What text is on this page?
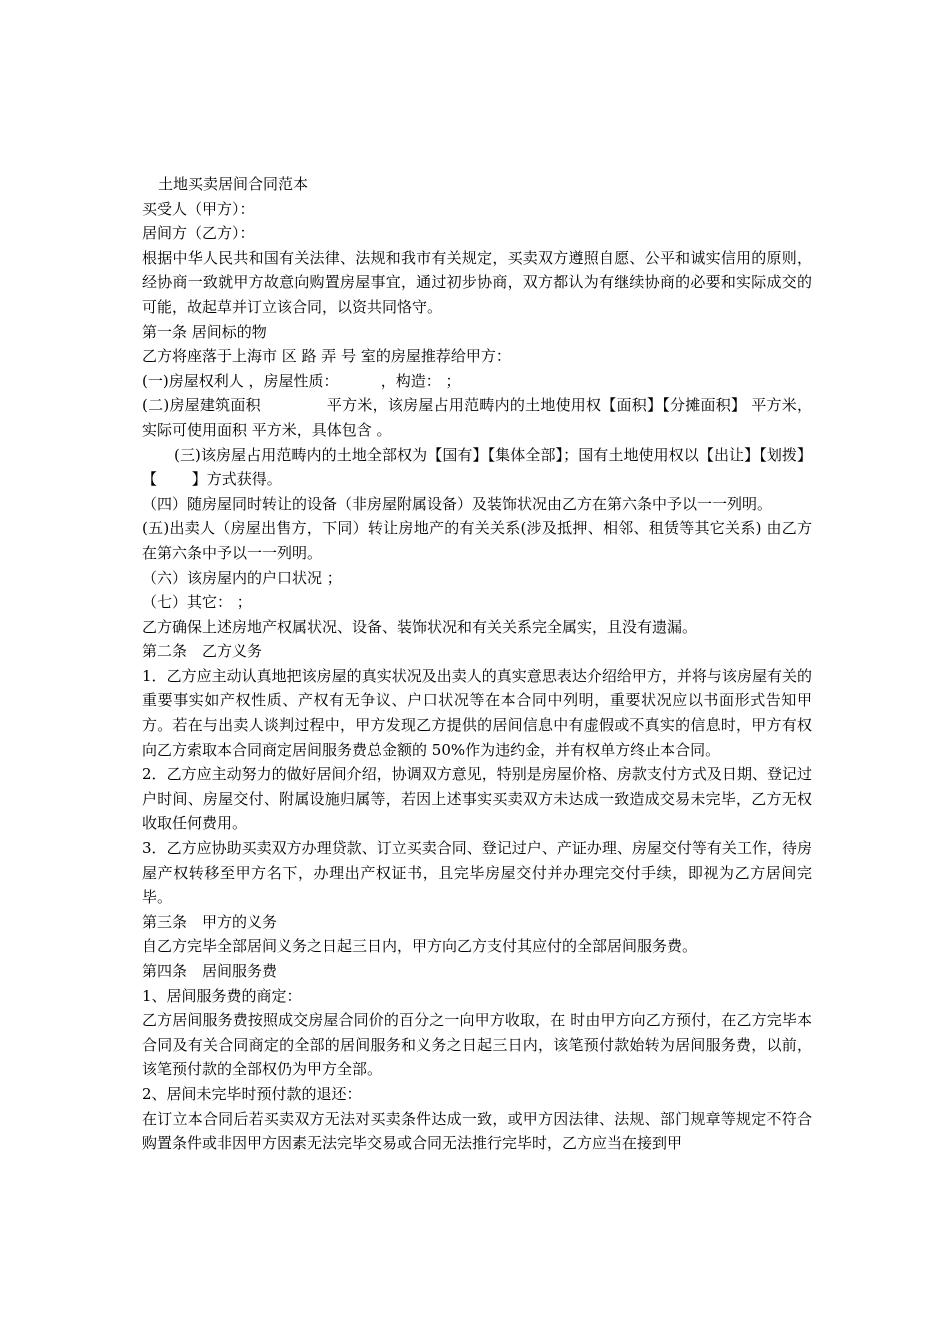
土地买卖居间合同范本

买受人（甲方）：

居间方（乙方）：

根据中华人民共和国有关法律、法规和我市有关规定，买卖双方遵照自愿、公平和诚实信用的原则，经协商一致就甲方故意向购置房屋事宜，通过初步协商，双方都认为有继续协商的必要和实际成交的可能，故起草并订立该合同，以资共同恪守。

第一条 居间标的物

乙方将座落于上海市 区 路 弄 号 室的房屋推荐给甲方：

(一)房屋权利人 ，房屋性质：　　　 ，构造： ；

(二)房屋建筑面积　　　　 平方米，该房屋占用范畴内的土地使用权【面积】【分摊面积】 平方米，实际可使用面积 平方米，具体包含 。

(三)该房屋占用范畴内的土地全部权为【国有】【集体全部】；国有土地使用权以【出让】【划拨】【　　 】方式获得。

（四）随房屋同时转让的设备（非房屋附属设备）及装饰状况由乙方在第六条中予以一一列明。

(五)出卖人（房屋出售方，下同）转让房地产的有关关系(涉及抵押、相邻、租赁等其它关系) 由乙方在第六条中予以一一列明。

（六）该房屋内的户口状况 ；

（七）其它： ；

乙方确保上述房地产权属状况、设备、装饰状况和有关关系完全属实，且没有遗漏。

第二条　乙方义务

1．乙方应主动认真地把该房屋的真实状况及出卖人的真实意思表达介绍给甲方，并将与该房屋有关的重要事实如产权性质、产权有无争议、户口状况等在本合同中列明，重要状况应以书面形式告知甲方。若在与出卖人谈判过程中，甲方发现乙方提供的居间信息中有虚假或不真实的信息时，甲方有权向乙方索取本合同商定居间服务费总金额的 50%作为违约金，并有权单方终止本合同。

2．乙方应主动努力的做好居间介绍，协调双方意见，特别是房屋价格、房款支付方式及日期、登记过户时间、房屋交付、附属设施归属等，若因上述事实买卖双方未达成一致造成交易未完毕，乙方无权收取任何费用。

3．乙方应协助买卖双方办理贷款、订立买卖合同、登记过户、产证办理、房屋交付等有关工作，待房屋产权转移至甲方名下，办理出产权证书，且完毕房屋交付并办理完交付手续，即视为乙方居间完毕。

第三条　甲方的义务

自乙方完毕全部居间义务之日起三日内，甲方向乙方支付其应付的全部居间服务费。

第四条　居间服务费

1、居间服务费的商定：

乙方居间服务费按照成交房屋合同价的百分之一向甲方收取，在 时由甲方向乙方预付，在乙方完毕本合同及有关合同商定的全部的居间服务和义务之日起三日内，该笔预付款始转为居间服务费，以前，该笔预付款的全部权仍为甲方全部。

2、居间未完毕时预付款的退还：

在订立本合同后若买卖双方无法对买卖条件达成一致，或甲方因法律、法规、部门规章等规定不符合购置条件或非因甲方因素无法完毕交易或合同无法推行完毕时，乙方应当在接到甲
